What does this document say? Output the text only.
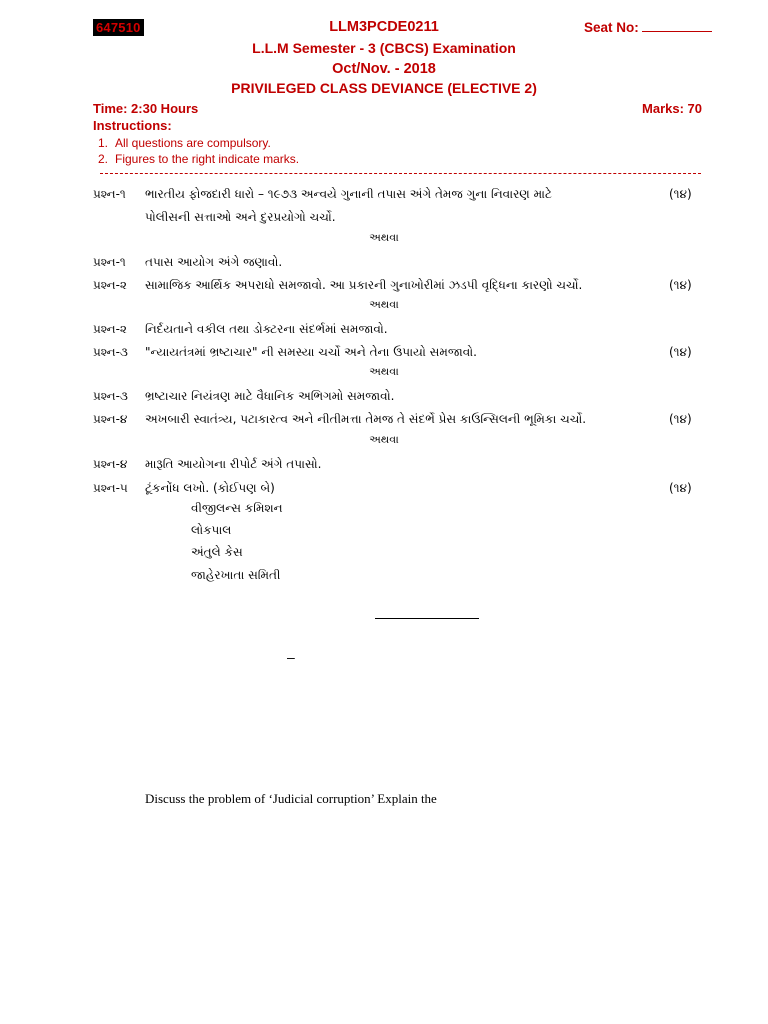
647510	LLM3PCDE0211	Seat No:
L.L.M Semester - 3 (CBCS) Examination
Oct/Nov. - 2018
PRIVILEGED CLASS DEVIANCE (ELECTIVE 2)
Time: 2:30 Hours	Marks: 70
Instructions:
1. All questions are compulsory.
2. Figures to the right indicate marks.
પ્રશ્ન-૧ ભારતીય ફોજદારી ધારો – ૧૯૭૩ અન્વયે ગુનાની તપાસ અંગે તેમજ ગુના નિવારણ માટે
પોલીસની સત્તાઓ અને દુરપ્રયોગો ચર્ચો.
(૧૪)
અથવા
પ્રશ્ન-૧ તપાસ આયોગ અંગે જણાવો.
પ્રશ્ન-૨ સામાજિક આર્થિક અપરાધો સમજાવો. આ પ્રકારની ગુનાખોરીમાં ઝડપી વૃદ્ધિના કારણો ચર્ચો.	(૧૪)
અથવા
પ્રશ્ન-૨ નિર્દયતાને વકીલ તથા ડોક્ટરના સંદર્ભમાં સમજાવો.
પ્રશ્ન-૩ "ન્યાયતંત્રમાં ભ્રષ્ટાચાર" ની સમસ્યા ચર્ચો અને તેના ઉપાયો સમજાવો.	(૧૪)
અથવા
પ્રશ્ન-૩ ભ્રષ્ટાચાર નિયંત્રણ માટે વૈધાનિક અભિગમો સમજાવો.
પ્રશ્ન-૪ અખબારી સ્વાતંત્ર્ય, પટાકારત્વ અને નીતીમત્તા તેમજ તે સંદર્ભે પ્રેસ કાઉન્સિલની ભૂમિકા ચર્ચો.	(૧૪)
અથવા
પ્રશ્ન-૪ મારૂતિ આયોગના રીપોર્ટ અંગે તપાસો.
પ્રશ્ન-૫ ટૂંકનોંધ લખો. (કોઈપણ બે)	(૧૪)
વીજીલન્સ કમિશન
લોકપાલ
અંતુલે કેસ
જાહેરખાતા સમિતી
–
Discuss the problem of ‘Judicial corruption’ Explain the
